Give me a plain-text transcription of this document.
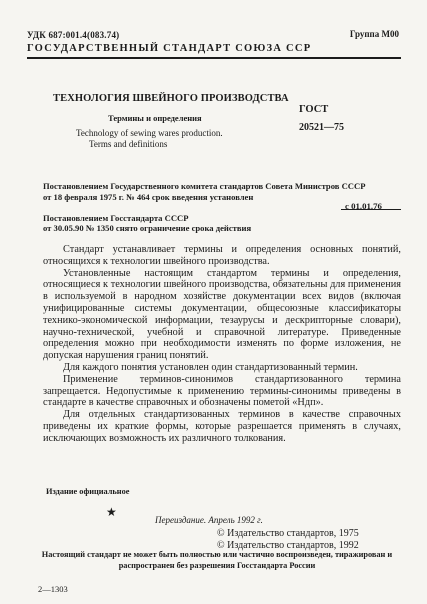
УДК 687:001.4(083.74)	Группа М00
ГОСУДАРСТВЕННЫЙ СТАНДАРТ СОЮЗА ССР
ТЕХНОЛОГИЯ ШВЕЙНОГО ПРОИЗВОДСТВА
Термины и определения
Technology of sewing wares production.
Terms and definitions
ГОСТ
20521—75
Постановлением Государственного комитета стандартов Совета Министров СССР
от 18 февраля 1975 г. № 464 срок введения установлен
с 01.01.76
Постановлением Госстандарта СССР
от 30.05.90 № 1350 снято ограничение срока действия

Стандарт устанавливает термины и определения основных понятий, относящихся к технологии швейного производства.

Установленные настоящим стандартом термины и определения, относящиеся к технологии швейного производства, обязательны для применения в используемой в народном хозяйстве документации всех видов (включая унифицированные системы документации, общесоюзные классификаторы технико-экономической информации, тезаурусы и дескрипторные словари), научно-технической, учебной и справочной литературе. Приведенные определения можно при необходимости изменять по форме изложения, не допуская нарушения границ понятий.

Для каждого понятия установлен один стандартизованный термин.

Применение терминов-синонимов стандартизованного термина запрещается. Недопустимые к применению термины-синонимы приведены в стандарте в качестве справочных и обозначены пометой «Ндп».

Для отдельных стандартизованных терминов в качестве справочных приведены их краткие формы, которые разрешается применять в случаях, исключающих возможность их различного толкования.

Издание официальное
★
Переиздание. Апрель 1992 г.
© Издательство стандартов, 1975
© Издательство стандартов, 1992
Настоящий стандарт не может быть полностью или частично воспроизведен, тиражирован и распространен без разрешения Госстандарта России
2—1303
